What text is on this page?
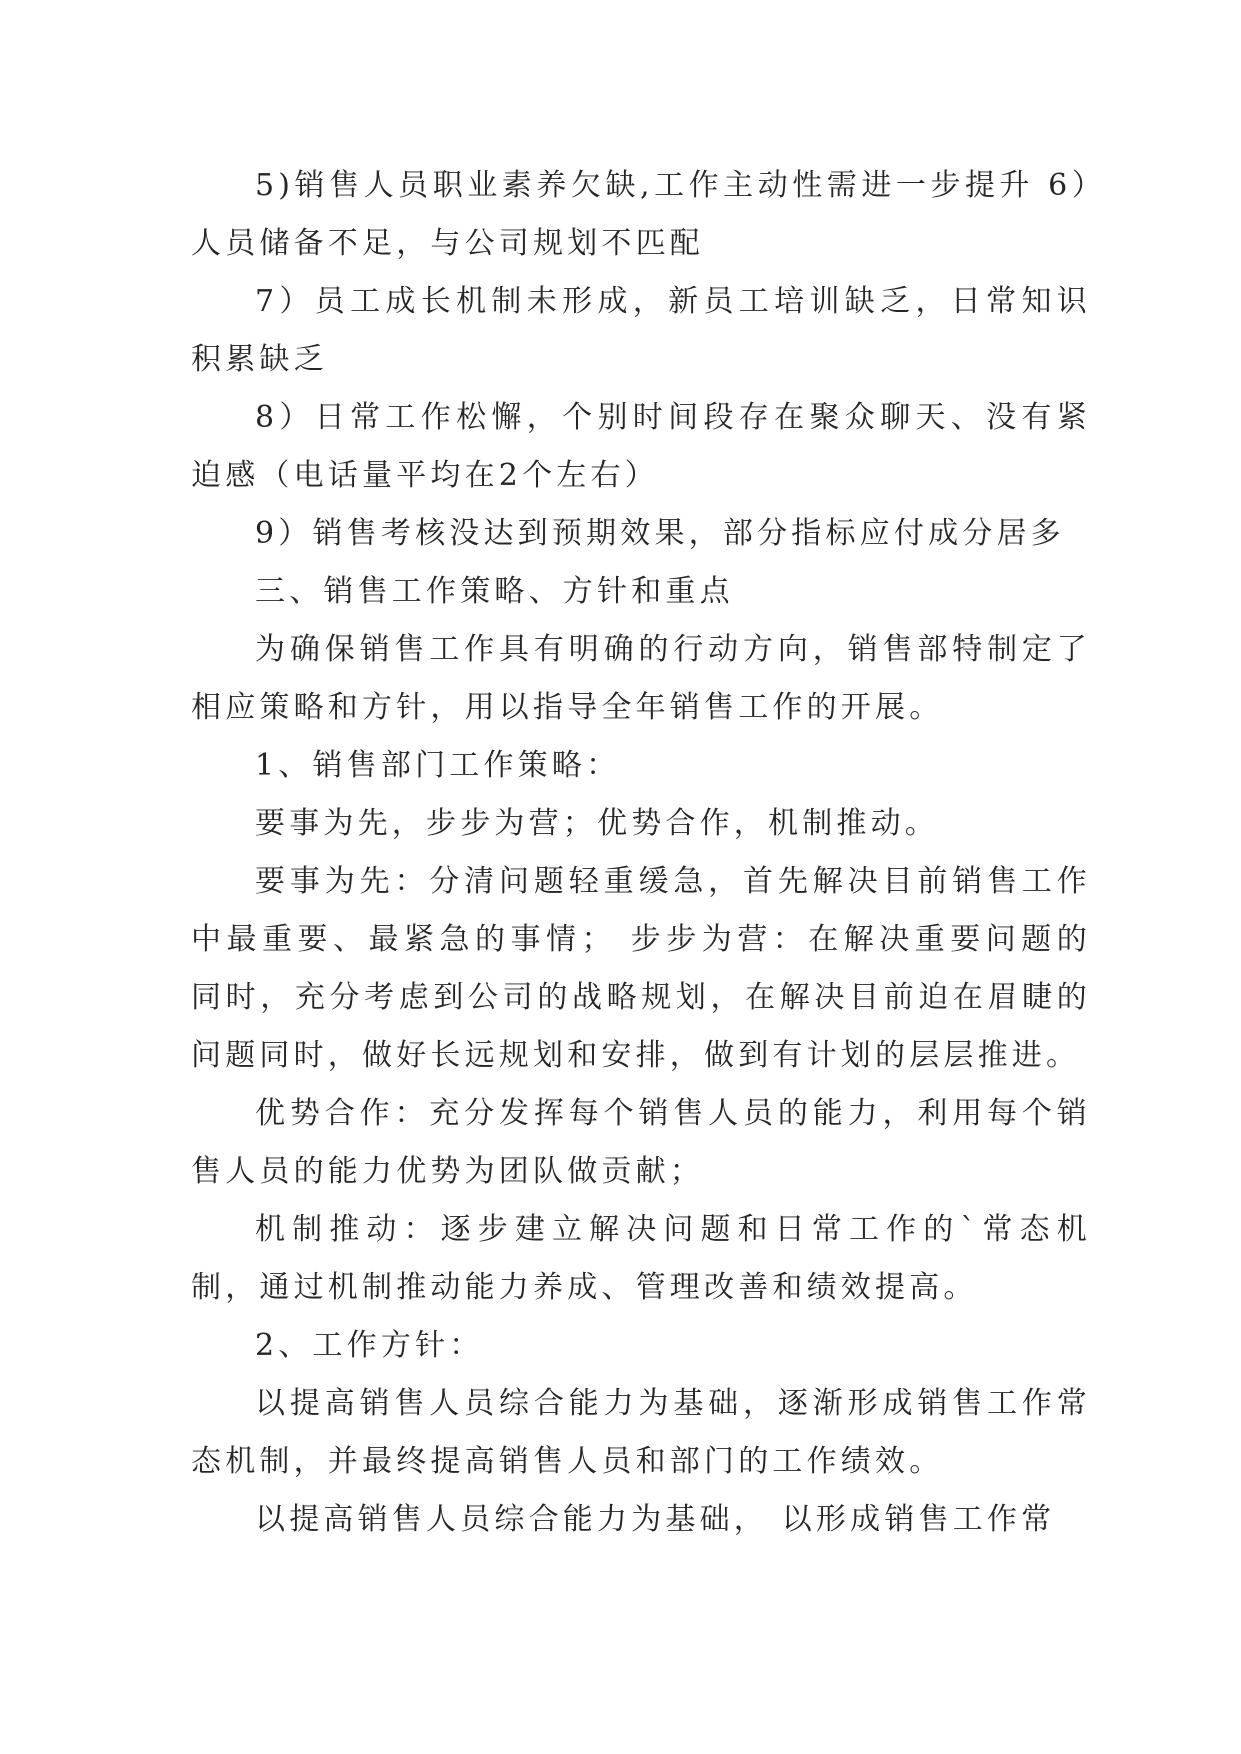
5)销售人员职业素养欠缺,工作主动性需进一步提升 6）人员储备不足，与公司规划不匹配

7）员工成长机制未形成，新员工培训缺乏，日常知识积累缺乏

8）日常工作松懈，个别时间段存在聚众聊天、没有紧迫感（电话量平均在2个左右）

9）销售考核没达到预期效果，部分指标应付成分居多

三、销售工作策略、方针和重点

为确保销售工作具有明确的行动方向，销售部特制定了相应策略和方针，用以指导全年销售工作的开展。

1、销售部门工作策略：

要事为先，步步为营；优势合作，机制推动。

要事为先：分清问题轻重缓急，首先解决目前销售工作中最重要、最紧急的事情； 步步为营：在解决重要问题的同时，充分考虑到公司的战略规划，在解决目前迫在眉睫的问题同时，做好长远规划和安排，做到有计划的层层推进。

优势合作：充分发挥每个销售人员的能力，利用每个销售人员的能力优势为团队做贡献；

机制推动：逐步建立解决问题和日常工作的`常态机制，通过机制推动能力养成、管理改善和绩效提高。

2、工作方针：

以提高销售人员综合能力为基础，逐渐形成销售工作常态机制，并最终提高销售人员和部门的工作绩效。

以提高销售人员综合能力为基础， 以形成销售工作常
